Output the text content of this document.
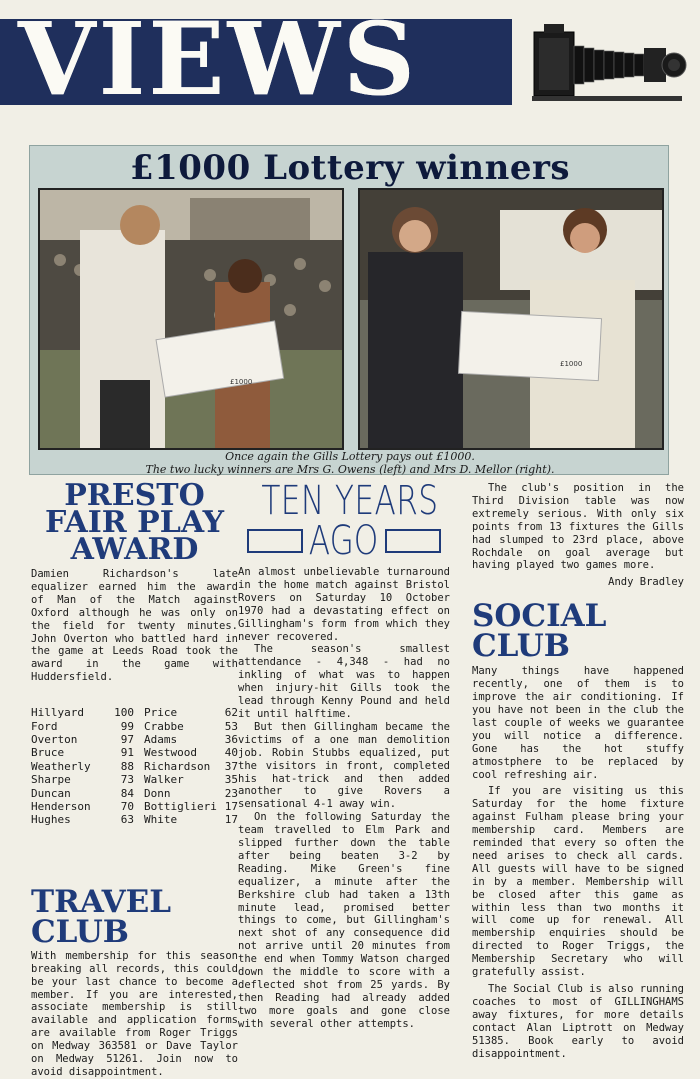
VIEWS
£1000 Lottery winners
£1000
£1000
Once again the Gills Lottery pays out £1000.
The two lucky winners are Mrs G. Owens (left) and Mrs D. Mellor (right).
PRESTO FAIR PLAY AWARD

Damien Richardson's late equalizer earned him the award of Man of the Match against Oxford although he was only on the field for twenty minutes. John Overton who battled hard in the game at Leeds Road took the award in the game with Huddersfield.

Hillyard	100 Price	62
Ford	99 Crabbe	53
Overton	97 Adams	36
Bruce	91 Westwood	40
Weatherly	88 Richardson	37
Sharpe	73 Walker	35
Duncan	84 Donn	23
Henderson	70 Bottiglieri 17
Hughes	63 White	17
TRAVEL CLUB

With membership for this season breaking all records, this could be your last chance to become a member. If you are interested, associate membership is still available and application forms are available from Roger Triggs on Medway 363581 or Dave Taylor on Medway 51261. Join now to avoid disappointment.

TEN YEARS
AGO

An almost unbelievable turnaround in the home match against Bristol Rovers on Saturday 10 October 1970 had a devastating effect on Gillingham's form from which they never recovered.

The season's smallest attendance - 4,348 - had no inkling of what was to happen when injury-hit Gills took the lead through Kenny Pound and held it until halftime.

But then Gillingham became the victims of a one man demolition job. Robin Stubbs equalized, put the visitors in front, completed his hat-trick and then added another to give Rovers a sensational 4-1 away win.

On the following Saturday the team travelled to Elm Park and slipped further down the table after being beaten 3-2 by Reading. Mike Green's fine equalizer, a minute after the Berkshire club had taken a 13th minute lead, promised better things to come, but Gillingham's next shot of any consequence did not arrive until 20 minutes from the end when Tommy Watson charged down the middle to score with a deflected shot from 25 yards. By then Reading had already added two more goals and gone close with several other attempts.

The club's position in the Third Division table was now extremely serious. With only six points from 13 fixtures the Gills had slumped to 23rd place, above Rochdale on goal average but having played two games more.

Andy Bradley
SOCIAL CLUB

Many things have happened recently, one of them is to improve the air conditioning. If you have not been in the club the last couple of weeks we guarantee you will notice a difference. Gone has the hot stuffy atmostphere to be replaced by cool refreshing air.

If you are visiting us this Saturday for the home fixture against Fulham please bring your membership card. Members are reminded that every so often the need arises to check all cards. All guests will have to be signed in by a member. Membership will be closed after this game as within less than two months it will come up for renewal. All membership enquiries should be directed to Roger Triggs, the Membership Secretary who will gratefully assist.

The Social Club is also running coaches to most of GILLINGHAMS away fixtures, for more details contact Alan Liptrott on Medway 51385. Book early to avoid disappointment.
